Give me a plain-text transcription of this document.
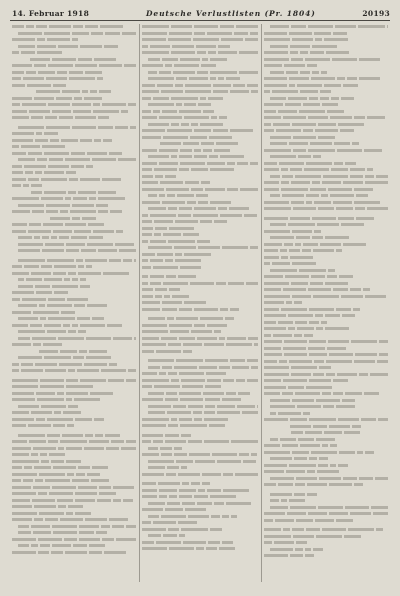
14. Februar 1918	Deutsche Verlustlisten (Pr. 1804)	20193
